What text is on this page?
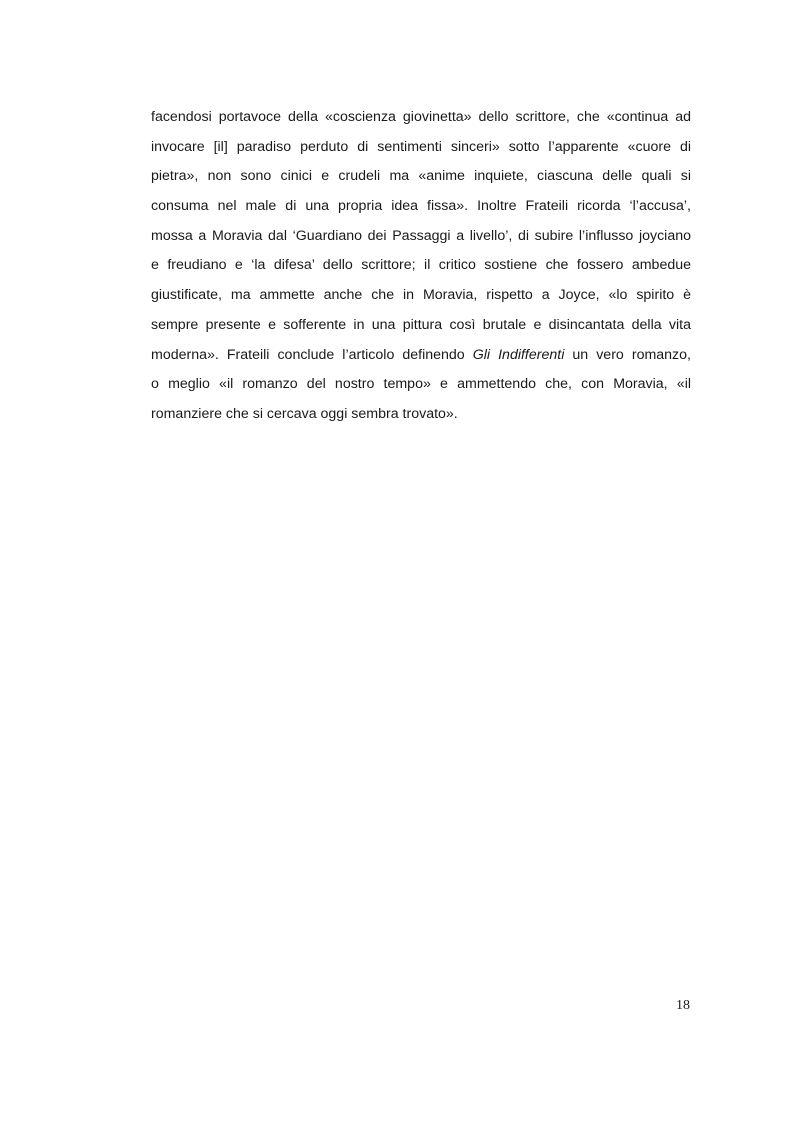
facendosi portavoce della «coscienza giovinetta» dello scrittore, che «continua ad
invocare [il] paradiso perduto di sentimenti sinceri» sotto l’apparente «cuore di
pietra», non sono cinici e crudeli ma «anime inquiete, ciascuna delle quali si
consuma nel male di una propria idea fissa». Inoltre Frateili ricorda ‘l’accusa’,
mossa a Moravia dal ‘Guardiano dei Passaggi a livello’, di subire l’influsso joyciano
e freudiano e ‘la difesa’ dello scrittore; il critico sostiene che fossero ambedue
giustificate, ma ammette anche che in Moravia, rispetto a Joyce, «lo spirito è
sempre presente e sofferente in una pittura così brutale e disincantata della vita
moderna». Frateili conclude l’articolo definendo Gli Indifferenti un vero romanzo,
o meglio «il romanzo del nostro tempo» e ammettendo che, con Moravia, «il
romanziere che si cercava oggi sembra trovato».
18
